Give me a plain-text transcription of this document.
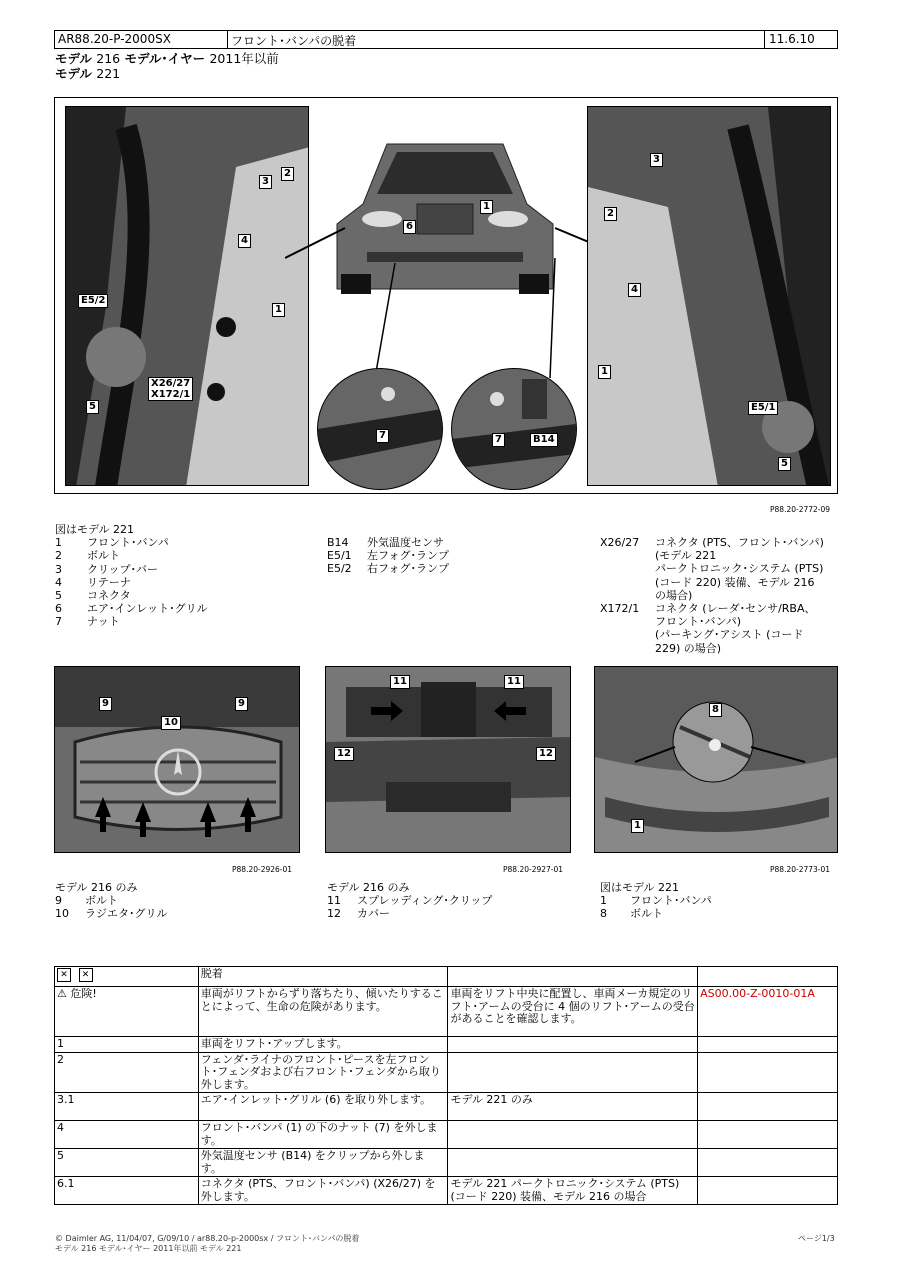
AR88.20-P-2000SX	フロント･バンパの脱着	11.6.10
モデル 216 モデル･イヤー 2011年以前
モデル 221
3
2
4
1
E5/2
X26/27
X172/1
5
1
6
7	7	B14
3
2
4
1
E5/1
5
P88.20-2772-09
図はモデル 221
1	フロント･バンパ
2	ボルト
3	クリップ･バー
4	リテーナ
5	コネクタ
6	エア･インレット･グリル
7	ナット
B14	外気温度センサ
E5/1	左フォグ･ランプ
E5/2	右フォグ･ランプ
X26/27	コネクタ (PTS、フロント･バンパ)
(モデル 221
パークトロニック･システム (PTS)
(コード 220) 装備、モデル 216
の場合)
X172/1	コネクタ (レーダ･センサ/RBA、
フロント･バンパ)
(パーキング･アシスト (コード
229) の場合)
9	9
10
11	11
12	12
8
1
P88.20-2926-01	P88.20-2927-01	P88.20-2773-01
モデル 216 のみ
9	ボルト
10	ラジエタ･グリル
モデル 216 のみ
11	スプレッディング･クリップ
12	カバー
図はモデル 221
1	フロント･バンパ
8	ボルト
✕ ✕	脱着		
⚠ 危険!	車両がリフトからずり落ちたり、傾いたりすることによって、生命の危険があります。	車両をリフト中央に配置し、車両メーカ規定のリフト･アームの受台に 4 個のリフト･アームの受台があることを確認します。	AS00.00-Z-0010-01A
1	車両をリフト･アップします。		
2	フェンダ･ライナのフロント･ピースを左フロント･フェンダおよび右フロント･フェンダから取り外します。		
3.1	エア･インレット･グリル (6) を取り外します。	モデル 221 のみ	
4	フロント･バンパ (1) の下のナット (7) を外します。		
5	外気温度センサ (B14) をクリップから外します。		
6.1	コネクタ (PTS、フロント･バンパ) (X26/27) を外します。	モデル 221 パークトロニック･システム (PTS) (コード 220) 装備、モデル 216 の場合	
© Daimler AG, 11/04/07, G/09/10 / ar88.20-p-2000sx / フロント･バンパの脱着
モデル 216 モデル･イヤー 2011年以前 モデル 221
ページ1/3
